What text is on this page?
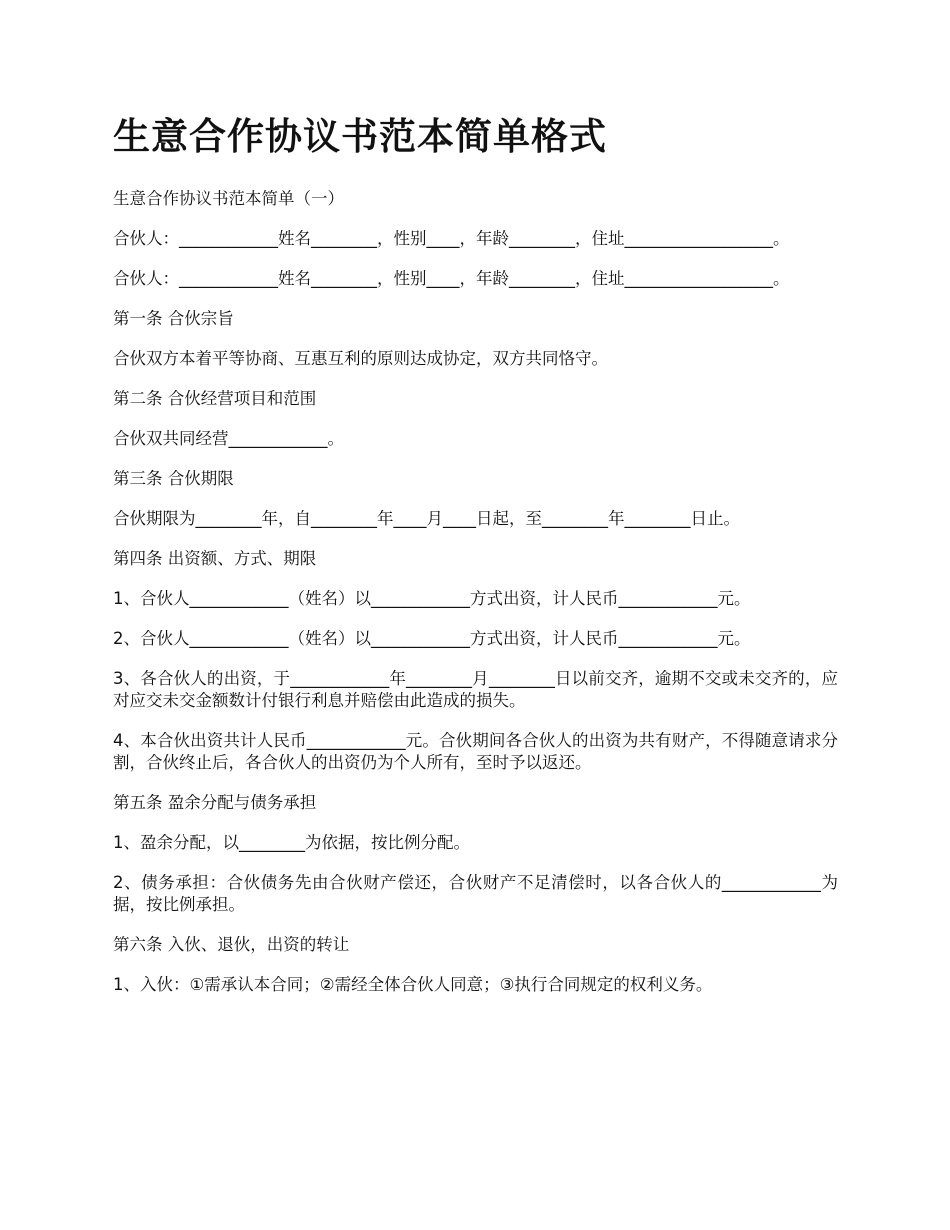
生意合作协议书范本简单格式

生意合作协议书范本简单（一）

合伙人：____________姓名________，性别____，年龄________，住址__________________。

合伙人：____________姓名________，性别____，年龄________，住址__________________。

第一条 合伙宗旨

合伙双方本着平等协商、互惠互利的原则达成协定，双方共同恪守。

第二条 合伙经营项目和范围

合伙双共同经营____________。

第三条 合伙期限

合伙期限为________年，自________年____月____日起，至________年________日止。

第四条 出资额、方式、期限

1、合伙人____________（姓名）以____________方式出资，计人民币____________元。

2、合伙人____________（姓名）以____________方式出资，计人民币____________元。

3、各合伙人的出资，于____________年________月________日以前交齐，逾期不交或未交齐的，应对应交未交金额数计付银行利息并赔偿由此造成的损失。

4、本合伙出资共计人民币____________元。合伙期间各合伙人的出资为共有财产，不得随意请求分割，合伙终止后，各合伙人的出资仍为个人所有，至时予以返还。

第五条 盈余分配与债务承担

1、盈余分配，以________为依据，按比例分配。

2、债务承担：合伙债务先由合伙财产偿还，合伙财产不足清偿时，以各合伙人的____________为据，按比例承担。

第六条 入伙、退伙，出资的转让

1、入伙：①需承认本合同；②需经全体合伙人同意；③执行合同规定的权利义务。
